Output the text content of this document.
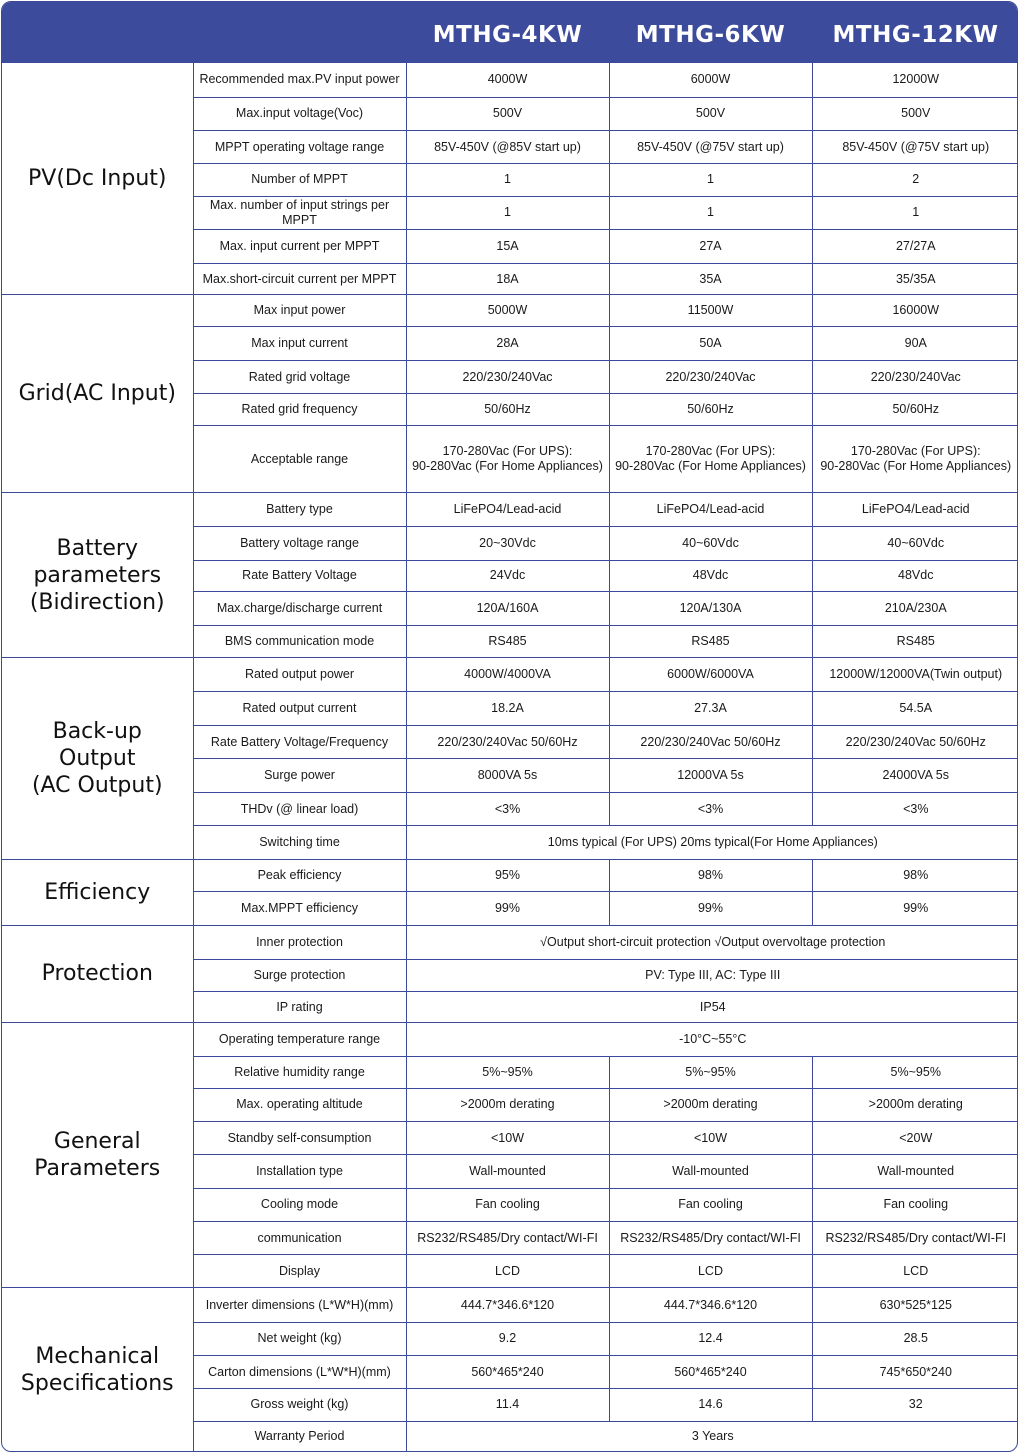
MTHG-4KW	MTHG-6KW	MTHG-12KW
PV(Dc Input)	Recommended max.PV input power	4000W	6000W	12000W
	Max.input voltage(Voc)	500V	500V	500V
	MPPT operating voltage range	85V-450V (@85V start up)	85V-450V (@75V start up)	85V-450V (@75V start up)
	Number of MPPT	1	1	2
	Max. number of input strings per MPPT	1	1	1
	Max. input current per MPPT	15A	27A	27/27A
	Max.short-circuit current per MPPT	18A	35A	35/35A
Grid(AC Input)	Max input power	5000W	11500W	16000W
	Max input current	28A	50A	90A
	Rated grid voltage	220/230/240Vac	220/230/240Vac	220/230/240Vac
	Rated grid frequency	50/60Hz	50/60Hz	50/60Hz
	Acceptable range	170-280Vac (For UPS):
90-280Vac (For Home Appliances)	170-280Vac (For UPS):
90-280Vac (For Home Appliances)	170-280Vac (For UPS):
90-280Vac (For Home Appliances)
Battery
parameters
(Bidirection)	Battery type	LiFePO4/Lead-acid	LiFePO4/Lead-acid	LiFePO4/Lead-acid
	Battery voltage range	20~30Vdc	40~60Vdc	40~60Vdc
	Rate Battery Voltage	24Vdc	48Vdc	48Vdc
	Max.charge/discharge current	120A/160A	120A/130A	210A/230A
	BMS communication mode	RS485	RS485	RS485
Back-up
Output
(AC Output)	Rated output power	4000W/4000VA	6000W/6000VA	12000W/12000VA(Twin output)
	Rated output current	18.2A	27.3A	54.5A
	Rate Battery Voltage/Frequency	220/230/240Vac 50/60Hz	220/230/240Vac 50/60Hz	220/230/240Vac 50/60Hz
	Surge power	8000VA 5s	12000VA 5s	24000VA 5s
	THDv (@ linear load)	<3%	<3%	<3%
	Switching time	10ms typical (For UPS) 20ms typical(For Home Appliances)		
Efficiency	Peak efficiency	95%	98%	98%
	Max.MPPT efficiency	99%	99%	99%
Protection	Inner protection	√Output short-circuit protection √Output overvoltage protection		
	Surge protection	PV: Type III, AC: Type III		
	IP rating	IP54		
General
Parameters	Operating temperature range	-10°C~55°C		
	Relative humidity range	5%~95%	5%~95%	5%~95%
	Max. operating altitude	>2000m derating	>2000m derating	>2000m derating
	Standby self-consumption	<10W	<10W	<20W
	Installation type	Wall-mounted	Wall-mounted	Wall-mounted
	Cooling mode	Fan cooling	Fan cooling	Fan cooling
	communication	RS232/RS485/Dry contact/WI-FI	RS232/RS485/Dry contact/WI-FI	RS232/RS485/Dry contact/WI-FI
	Display	LCD	LCD	LCD
Mechanical
Specifications	Inverter dimensions (L*W*H)(mm)	444.7*346.6*120	444.7*346.6*120	630*525*125
	Net weight (kg)	9.2	12.4	28.5
	Carton dimensions (L*W*H)(mm)	560*465*240	560*465*240	745*650*240
	Gross weight (kg)	11.4	14.6	32
	Warranty Period	3 Years		
